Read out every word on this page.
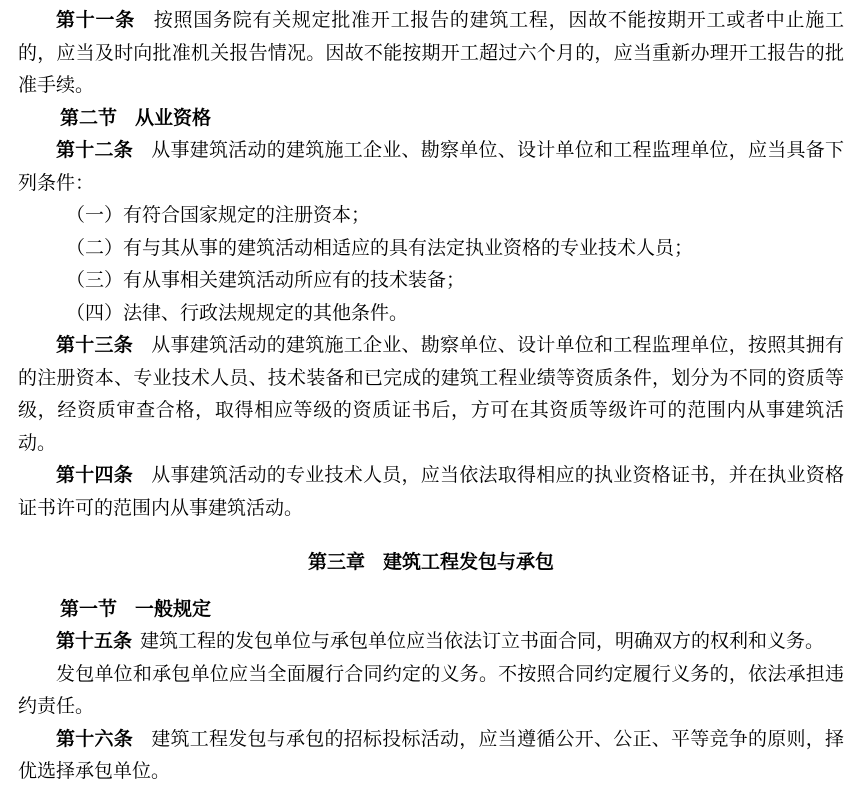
第十一条 按照国务院有关规定批准开工报告的建筑工程，因故不能按期开工或者中止施工的，应当及时向批准机关报告情况。因故不能按期开工超过六个月的，应当重新办理开工报告的批准手续。

第二节 从业资格

第十二条 从事建筑活动的建筑施工企业、勘察单位、设计单位和工程监理单位，应当具备下列条件：

（一）有符合国家规定的注册资本；

（二）有与其从事的建筑活动相适应的具有法定执业资格的专业技术人员；

（三）有从事相关建筑活动所应有的技术装备；

（四）法律、行政法规规定的其他条件。

第十三条 从事建筑活动的建筑施工企业、勘察单位、设计单位和工程监理单位，按照其拥有的注册资本、专业技术人员、技术装备和已完成的建筑工程业绩等资质条件，划分为不同的资质等级，经资质审查合格，取得相应等级的资质证书后，方可在其资质等级许可的范围内从事建筑活动。

第十四条 从事建筑活动的专业技术人员，应当依法取得相应的执业资格证书，并在执业资格证书许可的范围内从事建筑活动。

第三章 建筑工程发包与承包

第一节 一般规定

第十五条 建筑工程的发包单位与承包单位应当依法订立书面合同，明确双方的权利和义务。

发包单位和承包单位应当全面履行合同约定的义务。不按照合同约定履行义务的，依法承担违约责任。

第十六条 建筑工程发包与承包的招标投标活动，应当遵循公开、公正、平等竞争的原则，择优选择承包单位。
